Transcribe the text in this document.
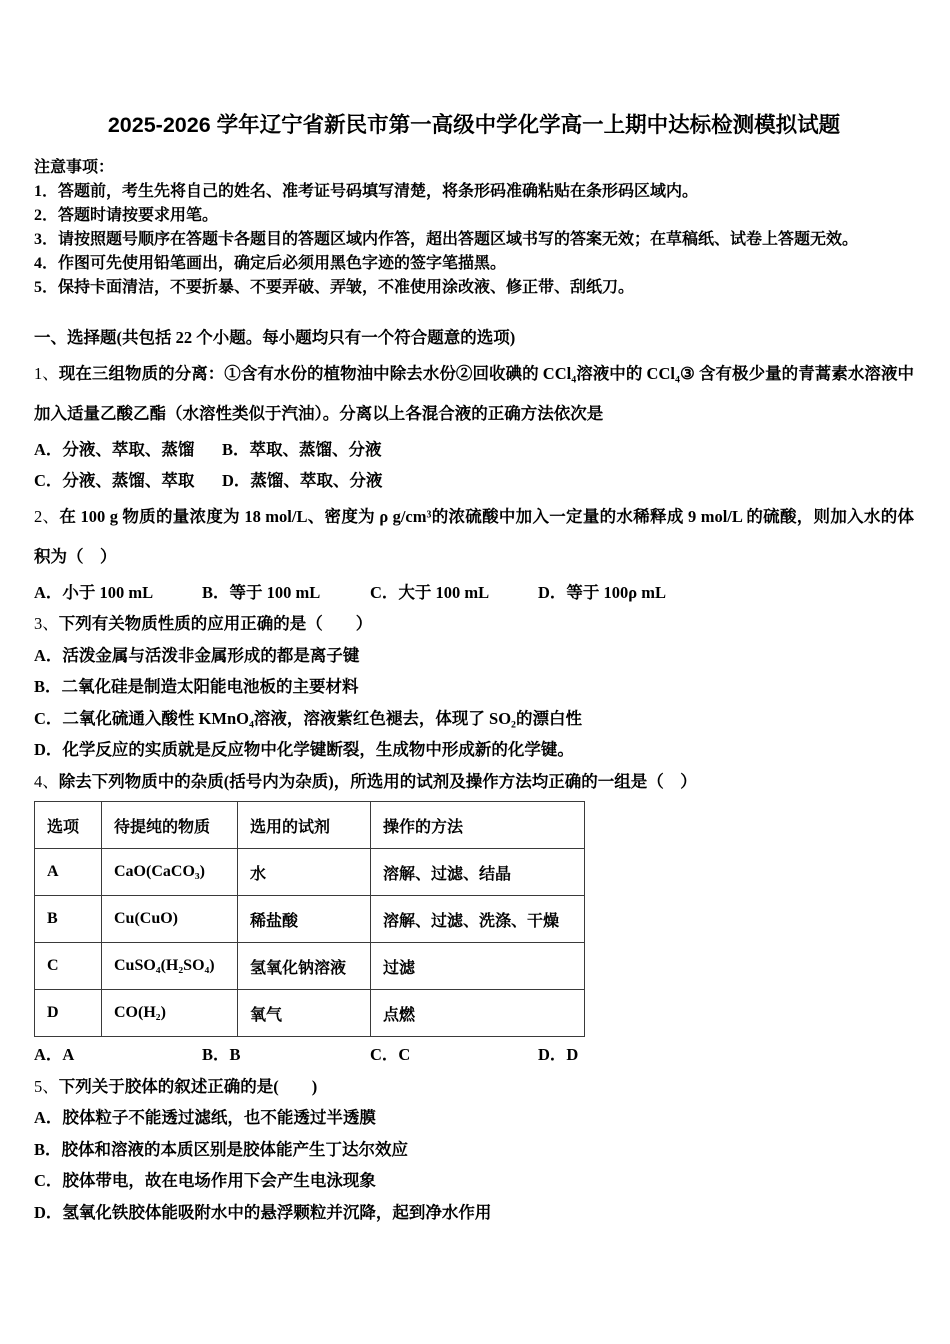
2025-2026 学年辽宁省新民市第一高级中学化学高一上期中达标检测模拟试题

注意事项：

1．答题前，考生先将自己的姓名、准考证号码填写清楚，将条形码准确粘贴在条形码区域内。

2．答题时请按要求用笔。

3．请按照题号顺序在答题卡各题目的答题区域内作答，超出答题区域书写的答案无效；在草稿纸、试卷上答题无效。

4．作图可先使用铅笔画出，确定后必须用黑色字迹的签字笔描黑。

5．保持卡面清洁，不要折暴、不要弄破、弄皱，不准使用涂改液、修正带、刮纸刀。

一、选择题(共包括 22 个小题。每小题均只有一个符合题意的选项)

1、现在三组物质的分离：①含有水份的植物油中除去水份②回收碘的 CCl₄溶液中的 CCl₄③ 含有极少量的青蒿素水溶液中加入适量乙酸乙酯（水溶性类似于汽油）。分离以上各混合液的正确方法依次是

A．分液、萃取、蒸馏	B．萃取、蒸馏、分液
C．分液、蒸馏、萃取	D．蒸馏、萃取、分液

2、在 100 g 物质的量浓度为 18 mol/L、密度为 ρ g/cm³的浓硫酸中加入一定量的水稀释成 9 mol/L 的硫酸，则加入水的体积为（　）

A．小于 100 mL	B．等于 100 mL	C．大于 100 mL	D．等于 100ρ mL

3、下列有关物质性质的应用正确的是（　　）

A．活泼金属与活泼非金属形成的都是离子键

B．二氧化硅是制造太阳能电池板的主要材料

C．二氧化硫通入酸性 KMnO₄溶液，溶液紫红色褪去，体现了 SO₂的漂白性

D．化学反应的实质就是反应物中化学键断裂，生成物中形成新的化学键。

4、除去下列物质中的杂质(括号内为杂质)，所选用的试剂及操作方法均正确的一组是（　）

选项	待提纯的物质	选用的试剂	操作的方法
A	CaO(CaCO₃)	水	溶解、过滤、结晶
B	Cu(CuO)	稀盐酸	溶解、过滤、洗涤、干燥
C	CuSO₄(H₂SO₄)	氢氧化钠溶液	过滤
D	CO(H₂)	氧气	点燃
A．A	B．B	C．C	D．D

5、下列关于胶体的叙述正确的是(　　)

A．胶体粒子不能透过滤纸，也不能透过半透膜

B．胶体和溶液的本质区别是胶体能产生丁达尔效应

C．胶体带电，故在电场作用下会产生电泳现象

D．氢氧化铁胶体能吸附水中的悬浮颗粒并沉降，起到净水作用
